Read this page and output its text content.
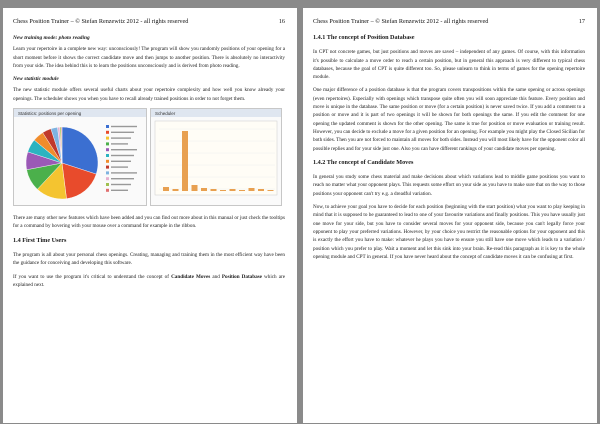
Chess Position Trainer – © Stefan Renzewitz 2012 - all rights reserved	16
New training mode: photo reading

Learn your repertoire in a complete new way: unconsciously! The program will show you randomly positions of your opening for a short moment before it shows the correct candidate move and then jumps to another position. There is absolutely no interactivity from your side. The idea behind this is to learn the positions unconsciously and is derived from photo reading.

New statistic module

The new statistic module offers several useful charts about your repertoire complexity and how well you know already your openings. The scheduler shows you when you have to recall already trained positions in order to not forget them.

Statistics: positions per opening	Scheduler

There are many other new features which have been added and you can find out more about in this manual or just check the tooltips for a command by hovering with your mouse over a command for example in the ribbon.

1.4 First Time Users

The program is all about your personal chess openings. Creating, managing and training them in the most efficient way have been the guidance for conceiving and developing this software.

If you want to use the program it's critical to understand the concept of Candidate Moves and Position Database which are explained next.

Chess Position Trainer – © Stefan Renzewitz 2012 - all rights reserved	17
1.4.1 The concept of Position Database

In CPT not concrete games, but just positions and moves are saved – independent of any games. Of course, with this information it's possible to calculate a move order to reach a certain position, but in general this approach is very different to typical chess databases, because the goal of CPT is quite different too. So, please unlearn to think in terms of games for the opening repertoire module.

One major difference of a position database is that the program covers transpositions within the same opening or across openings (even repertoires). Especially with openings which transpose quite often you will soon appreciate this feature. Every position and move is unique in the database. The same position or move (for a certain position) is never saved twice. If you add a comment to a position or move and it is part of two openings it will be shown for both openings the same. If you edit the comment for one opening the updated comment is shown for the other opening. The same is true for position or move evaluation or training result. However, you can decide to exclude a move for a given position for an opening. For example you might play the Closed Sicilian for both sides. Then you are not forced to maintain all moves for both sides. Instead you will most likely have for the opponent color all possible replies and for your side just one. Also you can have different rankings of your candidate moves per opening.

1.4.2 The concept of Candidate Moves

In general you study some chess material and make decisions about which variations lead to middle game positions you want to reach no matter what your opponent plays. This requests some effort on your side as you have to make sure that on the way to those positions your opponent can't try e.g. a dreadful variation.

Now, to achieve your goal you have to decide for each position (beginning with the start position) what you want to play keeping in mind that it is supposed to be guaranteed to lead to one of your favourite variations and finally positions. This you have usually just one move for your side, but you have to consider several moves for your opponent side, because you can't legally force your opponent to play your preferred variations. However, by your choice you restrict the reasonable options for your opponent and this is exactly the effort you have to make: whatever he plays you have to ensure you still have one move which leads to a variation / position which you prefer to play. Wait a moment and let this sink into your brain. Re-read this paragraph as it is key to the whole opening module and CPT in general. If you have never heard about the concept of candidate moves it can be confusing at first.
